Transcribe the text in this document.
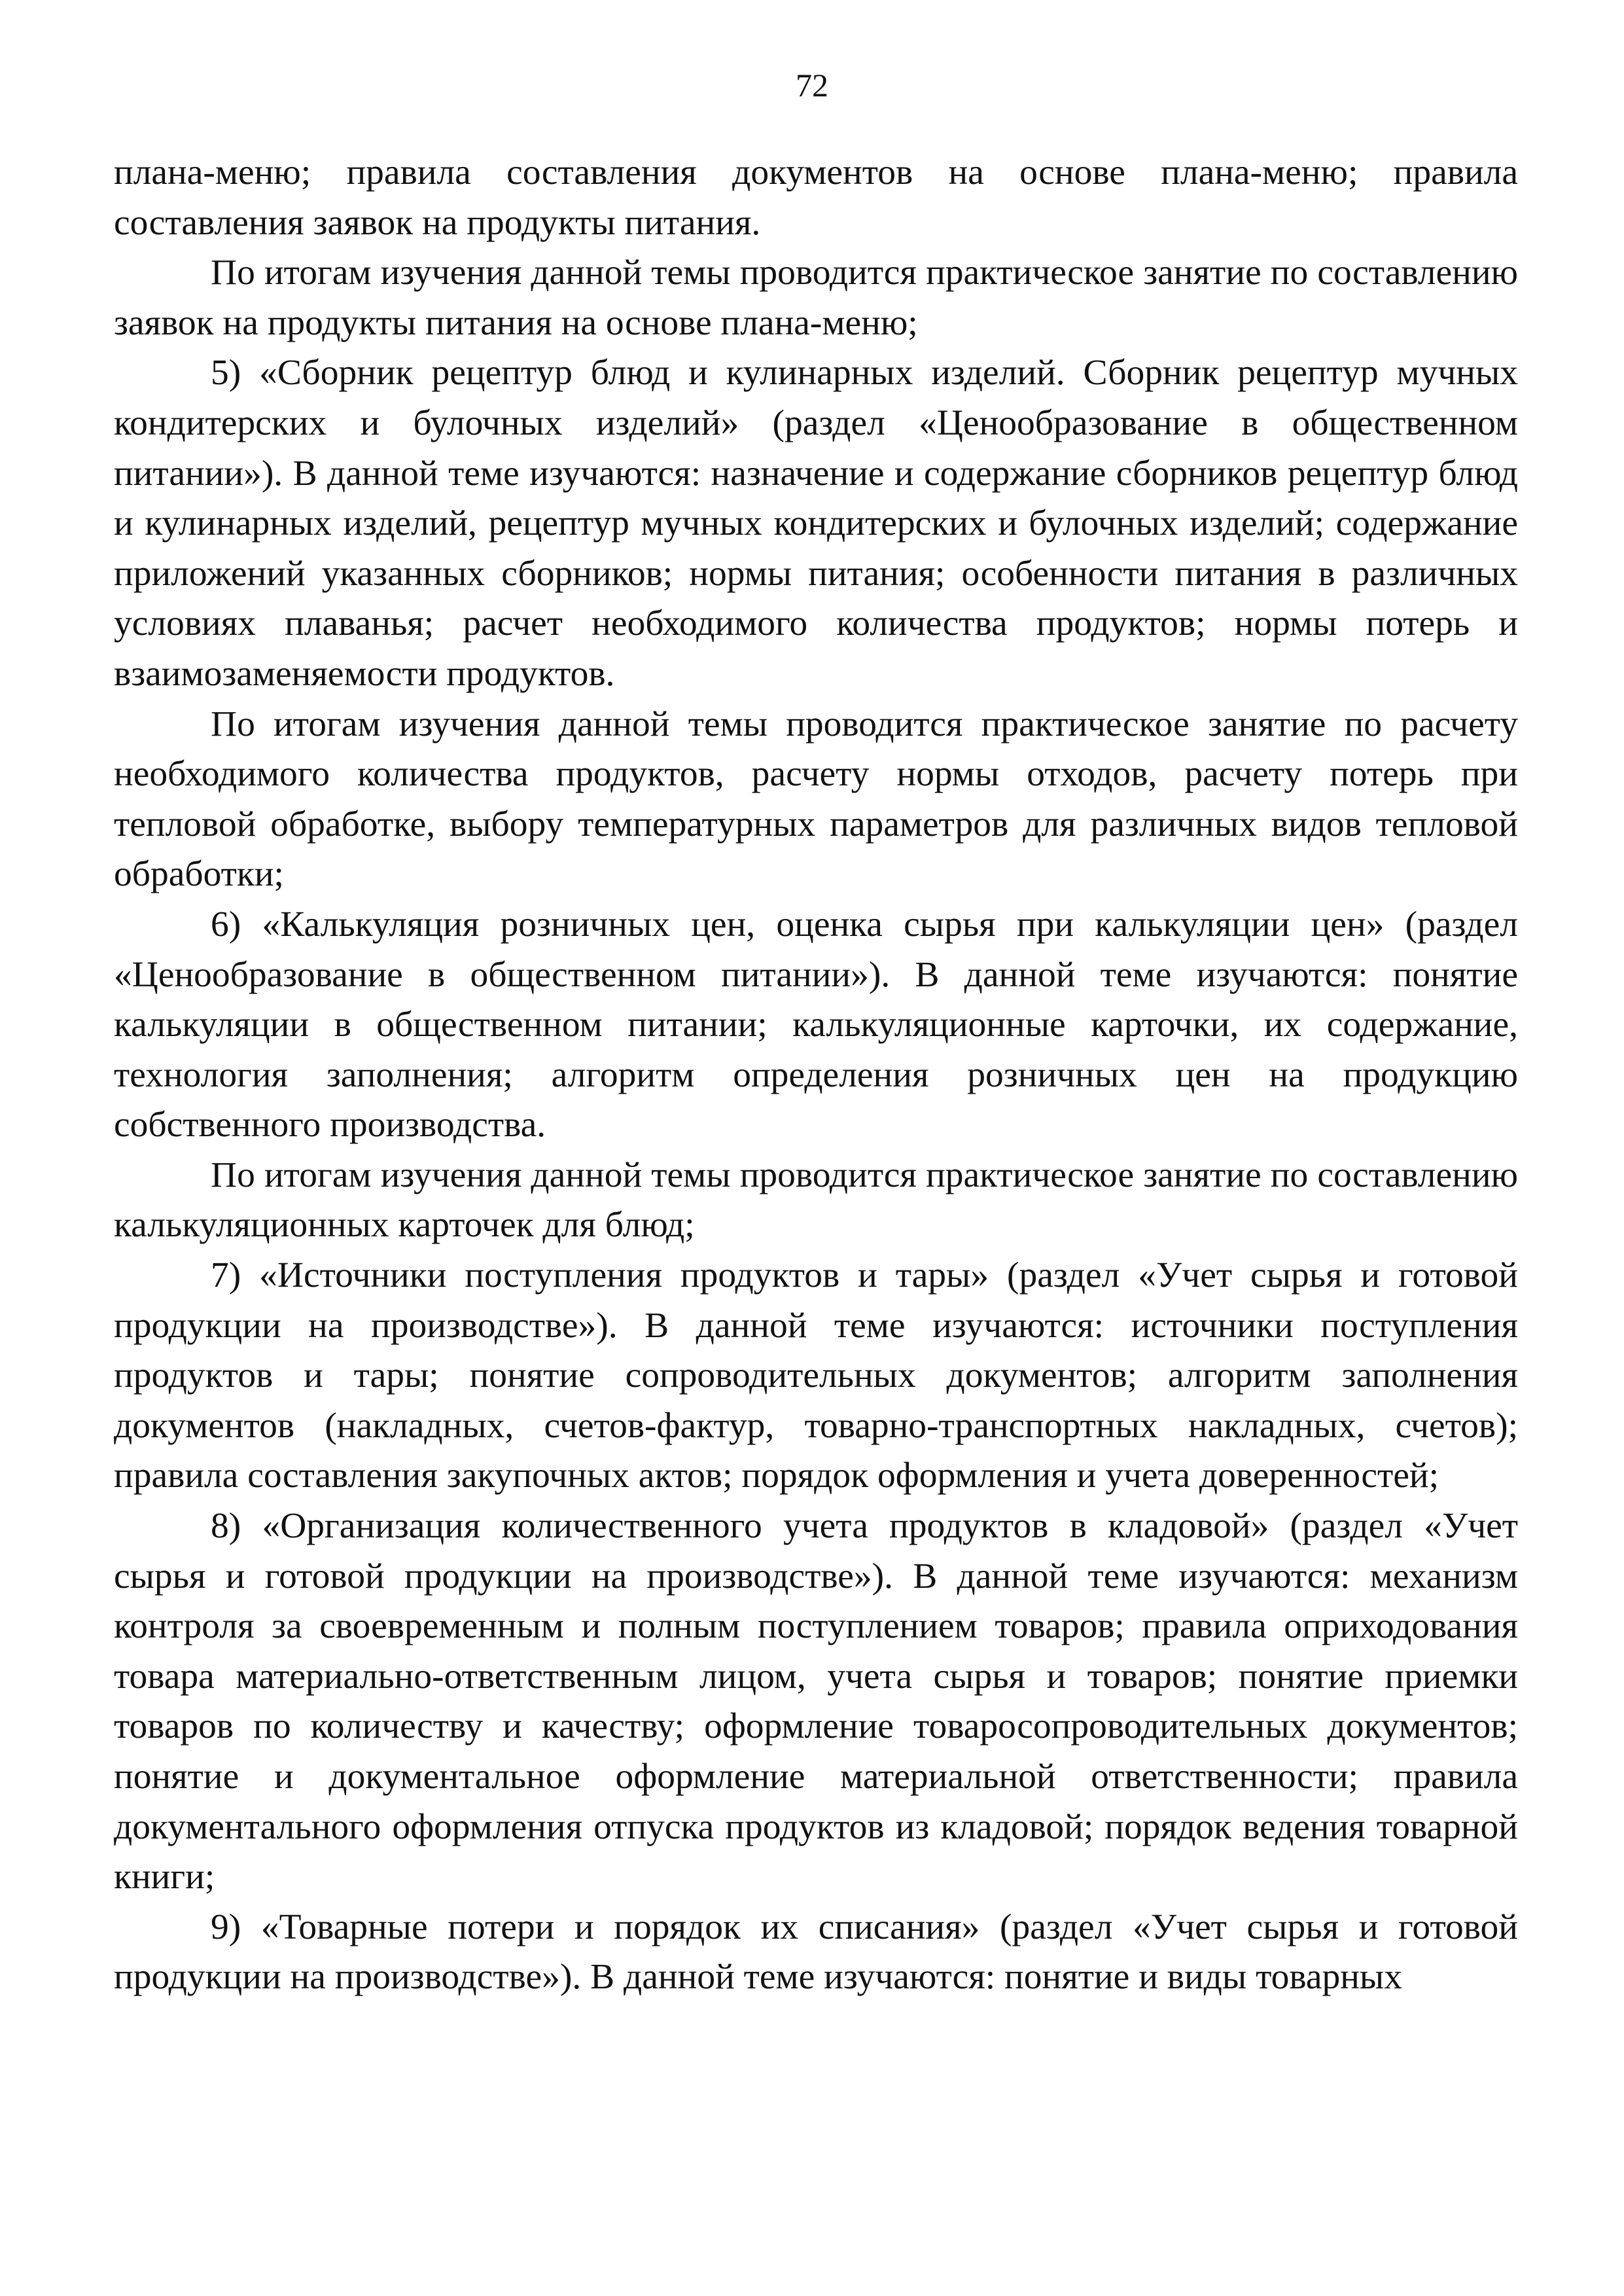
72

плана-меню; правила составления документов на основе плана-меню; правила составления заявок на продукты питания.

По итогам изучения данной темы проводится практическое занятие по составлению заявок на продукты питания на основе плана-меню;

5) «Сборник рецептур блюд и кулинарных изделий. Сборник рецептур мучных кондитерских и булочных изделий» (раздел «Ценообразование в общественном питании»). В данной теме изучаются: назначение и содержание сборников рецептур блюд и кулинарных изделий, рецептур мучных кондитерских и булочных изделий; содержание приложений указанных сборников; нормы питания; особенности питания в различных условиях плаванья; расчет необходимого количества продуктов; нормы потерь и взаимозаменяемости продуктов.

По итогам изучения данной темы проводится практическое занятие по расчету необходимого количества продуктов, расчету нормы отходов, расчету потерь при тепловой обработке, выбору температурных параметров для различных видов тепловой обработки;

6) «Калькуляция розничных цен, оценка сырья при калькуляции цен» (раздел «Ценообразование в общественном питании»). В данной теме изучаются: понятие калькуляции в общественном питании; калькуляционные карточки, их содержание, технология заполнения; алгоритм определения розничных цен на продукцию собственного производства.

По итогам изучения данной темы проводится практическое занятие по составлению калькуляционных карточек для блюд;

7) «Источники поступления продуктов и тары» (раздел «Учет сырья и готовой продукции на производстве»). В данной теме изучаются: источники поступления продуктов и тары; понятие сопроводительных документов; алгоритм заполнения документов (накладных, счетов-фактур, товарно-транспортных накладных, счетов); правила составления закупочных актов; порядок оформления и учета доверенностей;

8) «Организация количественного учета продуктов в кладовой» (раздел «Учет сырья и готовой продукции на производстве»). В данной теме изучаются: механизм контроля за своевременным и полным поступлением товаров; правила оприходования товара материально-ответственным лицом, учета сырья и товаров; понятие приемки товаров по количеству и качеству; оформление товаросопроводительных документов; понятие и документальное оформление материальной ответственности; правила документального оформления отпуска продуктов из кладовой; порядок ведения товарной книги;

9) «Товарные потери и порядок их списания» (раздел «Учет сырья и готовой продукции на производстве»). В данной теме изучаются: понятие и виды товарных
